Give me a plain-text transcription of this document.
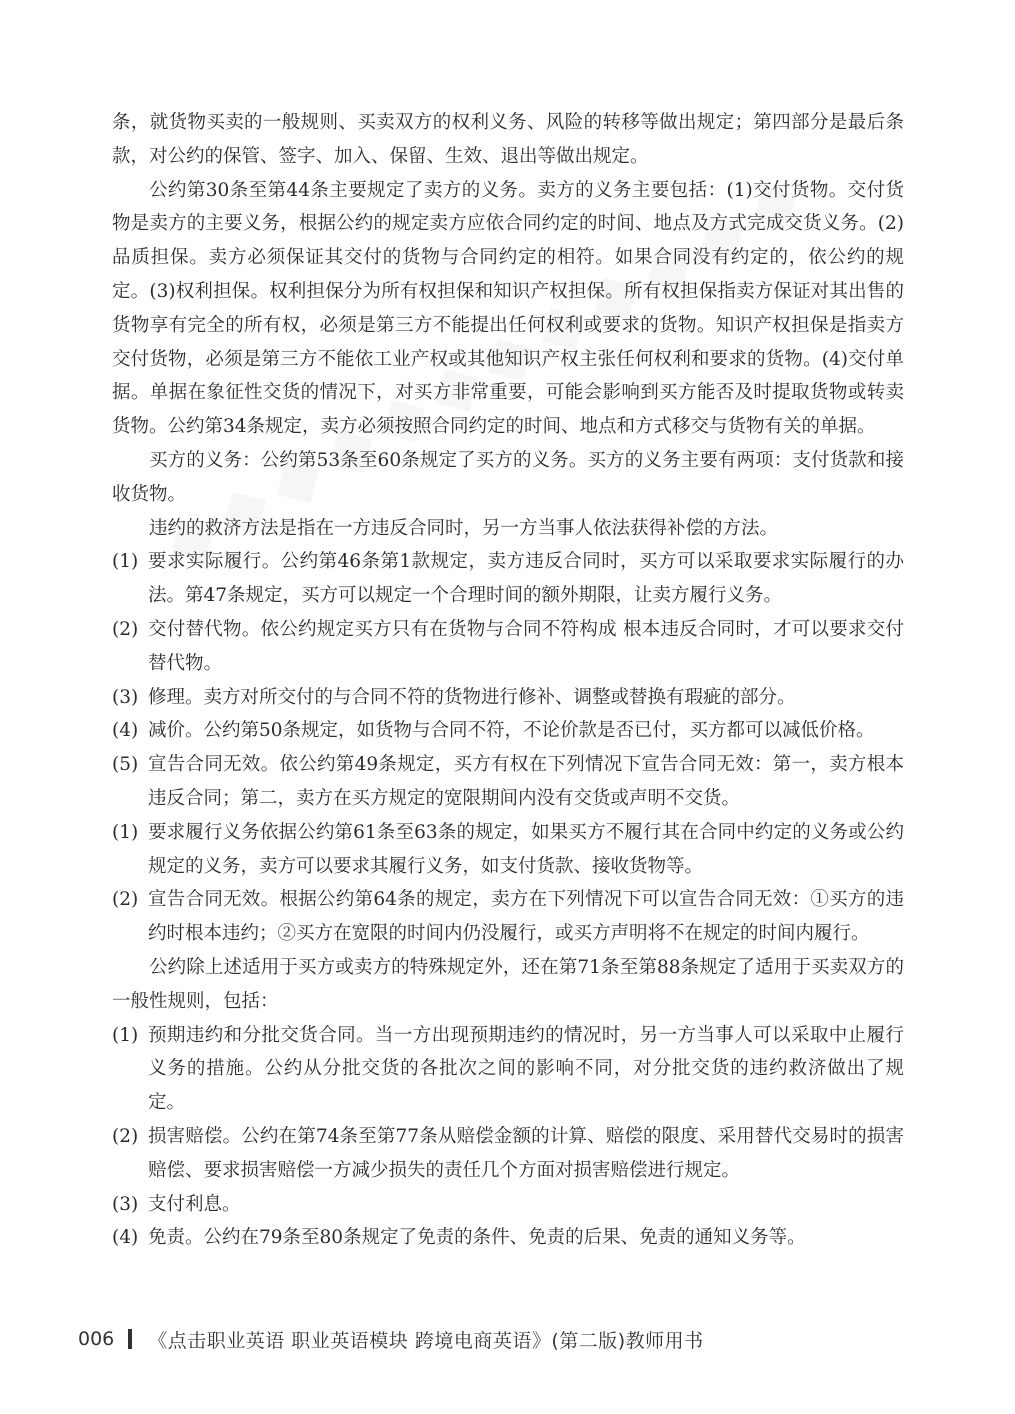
条，就货物买卖的一般规则、买卖双方的权利义务、风险的转移等做出规定；第四部分是最后条款，对公约的保管、签字、加入、保留、生效、退出等做出规定。

公约第30条至第44条主要规定了卖方的义务。卖方的义务主要包括：(1)交付货物。交付货物是卖方的主要义务，根据公约的规定卖方应依合同约定的时间、地点及方式完成交货义务。(2)品质担保。卖方必须保证其交付的货物与合同约定的相符。如果合同没有约定的，依公约的规定。(3)权利担保。权利担保分为所有权担保和知识产权担保。所有权担保指卖方保证对其出售的货物享有完全的所有权，必须是第三方不能提出任何权利或要求的货物。知识产权担保是指卖方交付货物，必须是第三方不能依工业产权或其他知识产权主张任何权利和要求的货物。(4)交付单据。单据在象征性交货的情况下，对买方非常重要，可能会影响到买方能否及时提取货物或转卖货物。公约第34条规定，卖方必须按照合同约定的时间、地点和方式移交与货物有关的单据。

买方的义务：公约第53条至60条规定了买方的义务。买方的义务主要有两项：支付货款和接收货物。

违约的救济方法是指在一方违反合同时，另一方当事人依法获得补偿的方法。

(1) 要求实际履行。公约第46条第1款规定，卖方违反合同时，买方可以采取要求实际履行的办法。第47条规定，买方可以规定一个合理时间的额外期限，让卖方履行义务。
(2) 交付替代物。依公约规定买方只有在货物与合同不符构成 根本违反合同时，才可以要求交付替代物。
(3) 修理。卖方对所交付的与合同不符的货物进行修补、调整或替换有瑕疵的部分。
(4) 减价。公约第50条规定，如货物与合同不符，不论价款是否已付，买方都可以减低价格。
(5) 宣告合同无效。依公约第49条规定，买方有权在下列情况下宣告合同无效：第一，卖方根本违反合同；第二，卖方在买方规定的宽限期间内没有交货或声明不交货。
(1) 要求履行义务依据公约第61条至63条的规定，如果买方不履行其在合同中约定的义务或公约规定的义务，卖方可以要求其履行义务，如支付货款、接收货物等。
(2) 宣告合同无效。根据公约第64条的规定，卖方在下列情况下可以宣告合同无效：①买方的违约时根本违约；②买方在宽限的时间内仍没履行，或买方声明将不在规定的时间内履行。

公约除上述适用于买方或卖方的特殊规定外，还在第71条至第88条规定了适用于买卖双方的一般性规则，包括：

(1) 预期违约和分批交货合同。当一方出现预期违约的情况时，另一方当事人可以采取中止履行义务的措施。公约从分批交货的各批次之间的影响不同，对分批交货的违约救济做出了规定。
(2) 损害赔偿。公约在第74条至第77条从赔偿金额的计算、赔偿的限度、采用替代交易时的损害赔偿、要求损害赔偿一方减少损失的责任几个方面对损害赔偿进行规定。
(3) 支付利息。
(4) 免责。公约在79条至80条规定了免责的条件、免责的后果、免责的通知义务等。
006 《点击职业英语 职业英语模块 跨境电商英语》(第二版)教师用书
